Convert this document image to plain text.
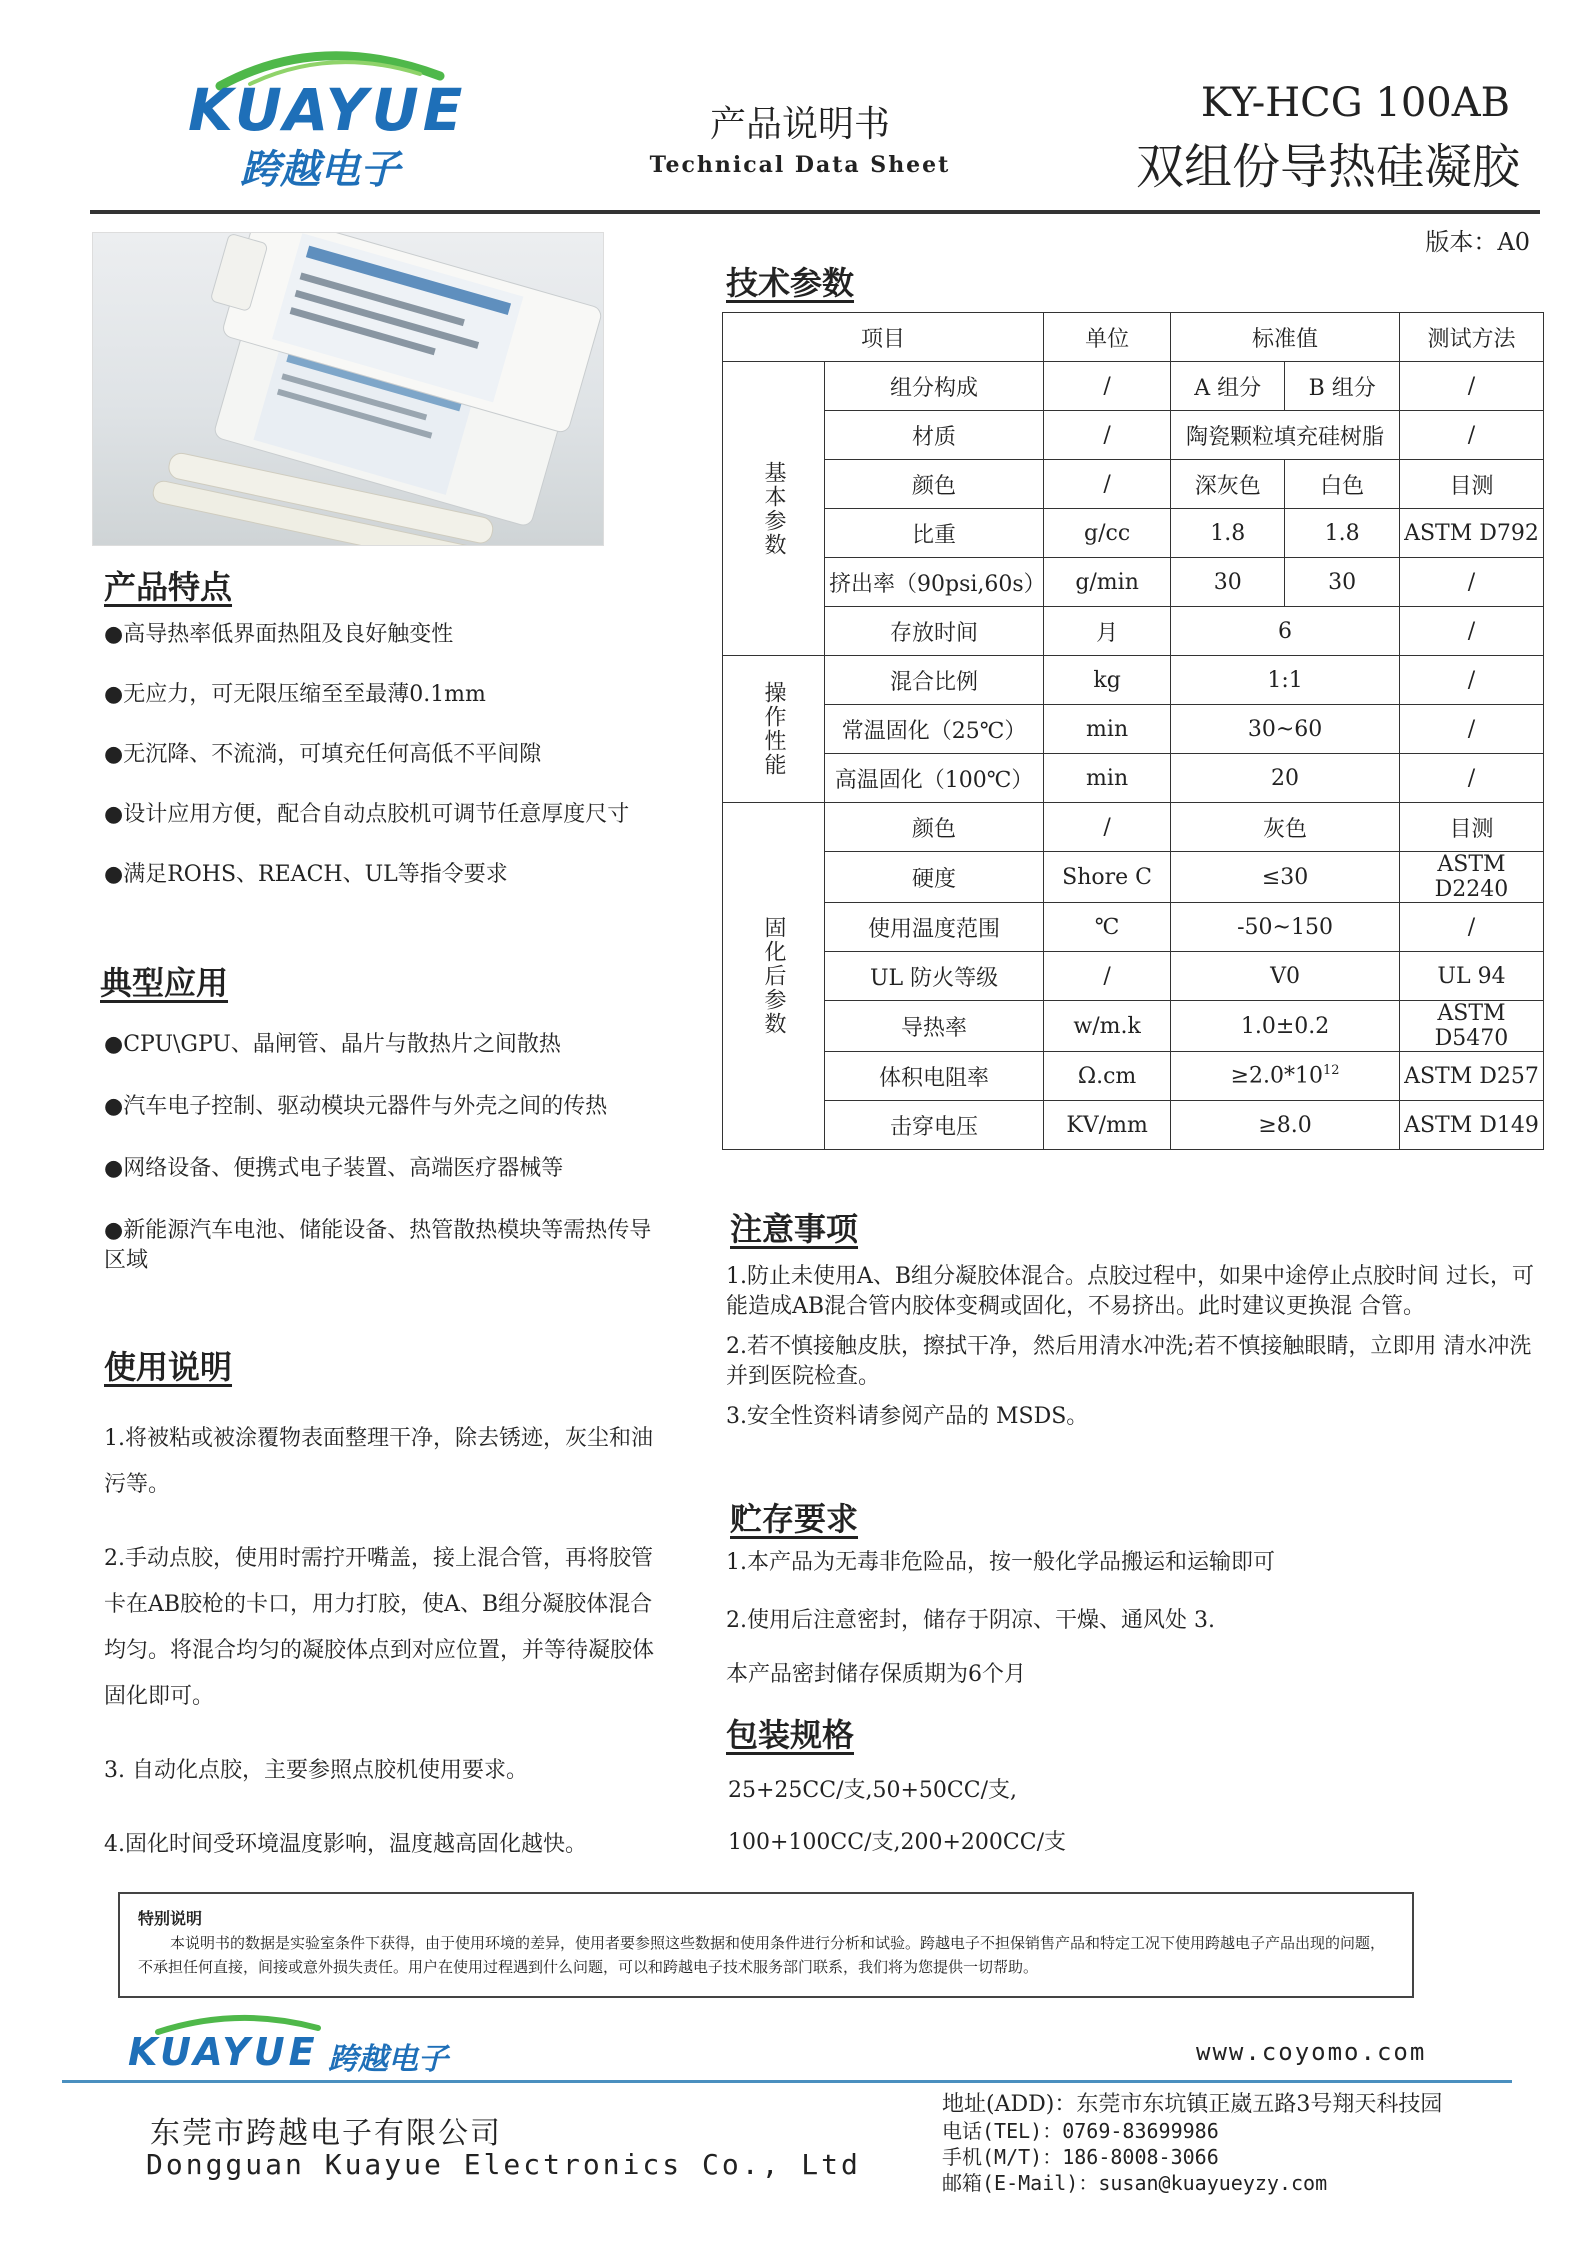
KUAYUE
跨越电子
产品说明书
Technical Data Sheet
KY-HCG 100AB
双组份导热硅凝胶
版本：A0
产品特点
●高导热率低界面热阻及良好触变性
●无应力，可无限压缩至至最薄0.1mm
●无沉降、不流淌，可填充任何高低不平间隙
●设计应用方便，配合自动点胶机可调节任意厚度尺寸
●满足ROHS、REACH、UL等指令要求
典型应用
●CPU\GPU、晶闸管、晶片与散热片之间散热
●汽车电子控制、驱动模块元器件与外壳之间的传热
●网络设备、便携式电子装置、高端医疗器械等
●新能源汽车电池、储能设备、热管散热模块等需热传导区域
使用说明
1.将被粘或被涂覆物表面整理干净，除去锈迹，灰尘和油污等。
2.手动点胶，使用时需拧开嘴盖，接上混合管，再将胶管卡在AB胶枪的卡口，用力打胶，使A、B组分凝胶体混合均匀。将混合均匀的凝胶体点到对应位置，并等待凝胶体固化即可。
3. 自动化点胶，主要参照点胶机使用要求。
4.固化时间受环境温度影响，温度越高固化越快。
技术参数
项目		单位	标准值		测试方法
基本参数	组分构成	/	A 组分	B 组分	/
	材质	/	陶瓷颗粒填充硅树脂		/
	颜色	/	深灰色	白色	目测
	比重	g/cc	1.8	1.8	ASTM D792
	挤出率（90psi,60s）	g/min	30	30	/
	存放时间	月	6		/
操作性能	混合比例	kg	1:1		/
	常温固化（25℃）	min	30~60		/
	高温固化（100℃）	min	20		/
固化后参数	颜色	/	灰色		目测
	硬度	Shore C	≤30		ASTM D2240
	使用温度范围	℃	-50~150		/
	UL 防火等级	/	V0		UL 94
	导热率	w/m.k	1.0±0.2		ASTM D5470
	体积电阻率	Ω.cm	$\ge 2.0*10^{12}$		ASTM D257
	击穿电压	KV/mm	≥8.0		ASTM D149
注意事项
1.防止未使用A、B组分凝胶体混合。点胶过程中，如果中途停止点胶时间 过长，可能造成AB混合管内胶体变稠或固化，不易挤出。此时建议更换混 合管。
2.若不慎接触皮肤，擦拭干净，然后用清水冲洗;若不慎接触眼睛，立即用 清水冲洗并到医院检查。
3.安全性资料请参阅产品的 MSDS。
贮存要求
1.本产品为无毒非危险品，按一般化学品搬运和运输即可
2.使用后注意密封，储存于阴凉、干燥、通风处 3.
本产品密封储存保质期为6个月
包装规格
25+25CC/支,50+50CC/支,
100+100CC/支,200+200CC/支
特别说明
本说明书的数据是实验室条件下获得，由于使用环境的差异，使用者要参照这些数据和使用条件进行分析和试验。跨越电子不担保销售产品和特定工况下使用跨越电子产品出现的问题，不承担任何直接，间接或意外损失责任。用户在使用过程遇到什么问题，可以和跨越电子技术服务部门联系，我们将为您提供一切帮助。
KUAYUE 跨越电子	www.coyomo.com
东莞市跨越电子有限公司
Dongguan Kuayue Electronics Co., Ltd
地址(ADD)：东莞市东坑镇正崴五路3号翔天科技园
电话(TEL)：0769-83699986
手机(M/T)：186-8008-3066
邮箱(E-Mail)：susan@kuayueyzy.com
